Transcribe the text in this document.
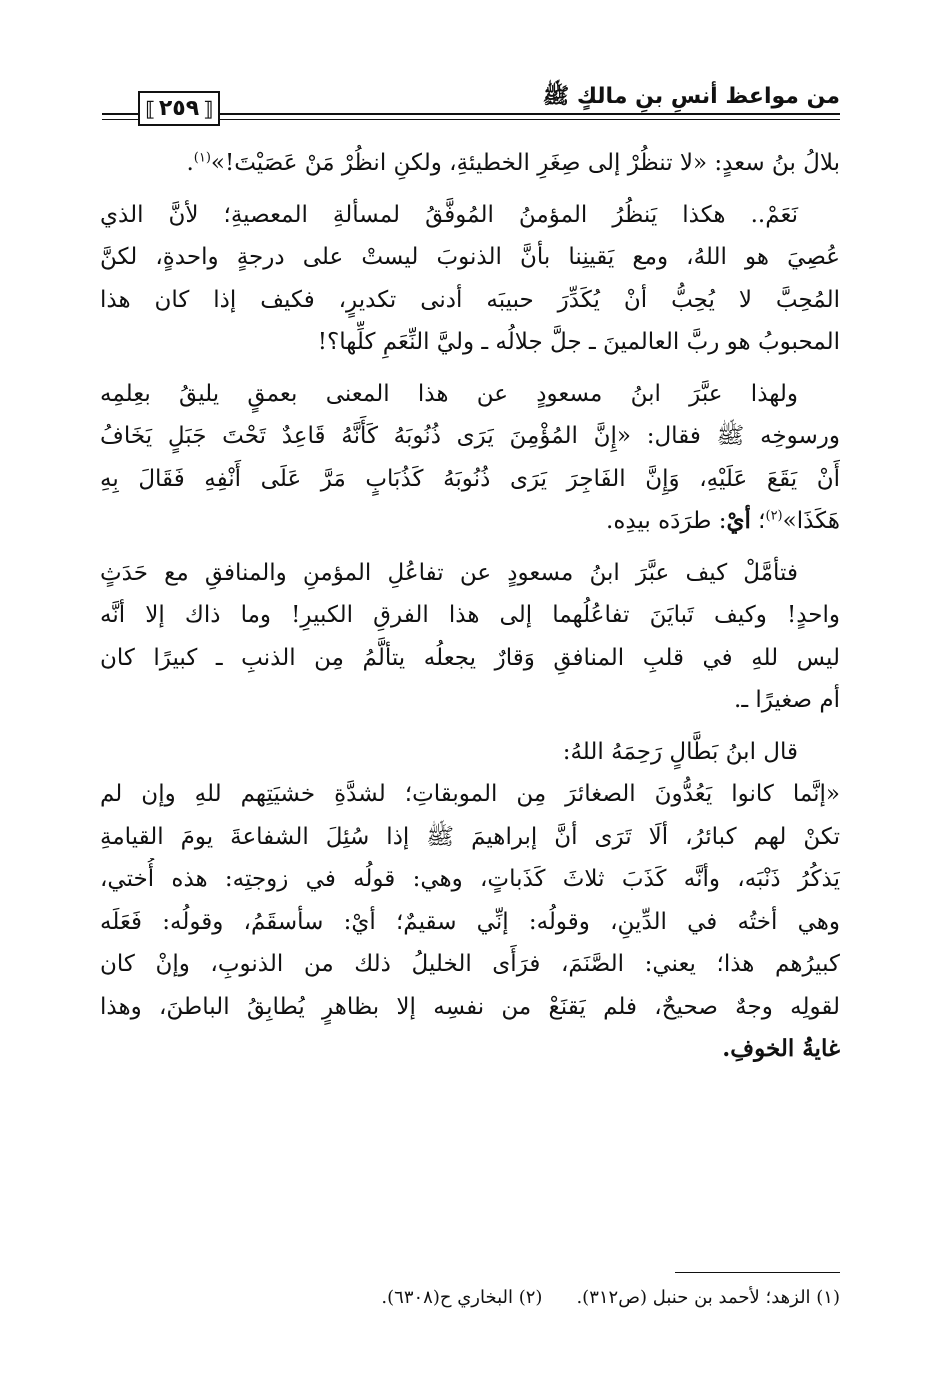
من مواعظ أنسِ بنِ مالكٍ ﷺ
⟦
٢٥٩
⟧
بلالُ بنُ سعدٍ: «لا تنظُرْ إلى صِغَرِ الخطيئةِ، ولكنِ انظُرْ مَنْ عَصَيْتَ!»$^{(١)}$.
نَعَمْ.. هكذا يَنظُرُ المؤمنُ المُوفَّقُ لمسألةِ المعصيةِ؛ لأنَّ الذي
عُصِيَ هو اللهُ، ومع يَقينِنا بأنَّ الذنوبَ ليستْ على درجةٍ واحدةٍ، لكنَّ
المُحِبَّ لا يُحِبُّ أنْ يُكَدِّرَ حبيبَه أدنى تكديرٍ، فكيف إذا كان هذا
المحبوبُ هو ربَّ العالمينَ ـ جلَّ جلالُه ـ وليَّ النِّعَمِ كلِّها؟!
ولهذا عبَّرَ ابنُ مسعودٍ عن هذا المعنى بعمقٍ يليقُ بعِلمِه
ورسوخِه ﷺ فقال: «إِنَّ المُؤْمِنَ يَرَى ذُنُوبَهُ كَأَنَّهُ قَاعِدٌ تَحْتَ جَبَلٍ يَخَافُ
أَنْ يَقَعَ عَلَيْهِ، وَإِنَّ الفَاجِرَ يَرَى ذُنُوبَهُ كَذُبَابٍ مَرَّ عَلَى أَنْفِهِ فَقَالَ بِهِ
هَكَذَا»$^{(٢)}$؛ أيْ: طرَدَه بيدِه.
فتأمَّلْ كيف عبَّرَ ابنُ مسعودٍ عن تفاعُلِ المؤمنِ والمنافقِ مع حَدَثٍ
واحدٍ! وكيف تَبايَنَ تفاعُلُهما إلى هذا الفرقِ الكبيرِ! وما ذاك إلا أنَّه
ليس للهِ في قلبِ المنافقِ وَقارٌ يجعلُه يتألَّمُ مِن الذنبِ ـ كبيرًا كان
أم صغيرًا ـ.
قال ابنُ بَطَّالٍ رَحِمَهُ اللهُ:
«إنَّما كانوا يَعُدُّونَ الصغائرَ مِن الموبقاتِ؛ لشدَّةِ خشيَتِهم للهِ وإن لم
تكنْ لهم كبائرُ، ألَا تَرَى أنَّ إبراهيمَ ﷺ إذا سُئِلَ الشفاعةَ يومَ القيامةِ
يَذكُرُ ذَنْبَه، وأنَّه كَذَبَ ثلاثَ كَذَباتٍ، وهي: قولُه في زوجتِه: هذه أُختي،
وهي أختُه في الدِّينِ، وقولُه: إنِّي سقيمٌ؛ أيْ: سأسقَمُ، وقولُه: فَعَلَه
كبيرُهم هذا؛ يعني: الصَّنَمَ، فرَأَى الخليلُ ذلك من الذنوبِ، وإنْ كان
لقولِه وجهٌ صحيحٌ، فلم يَقنَعْ من نفسِه إلا بظاهرٍ يُطابِقُ الباطنَ، وهذا
غايةُ الخوفِ.
(١) الزهد؛ لأحمد بن حنبل (ص٣١٢).(٢) البخاري ح(٦٣٠٨).
